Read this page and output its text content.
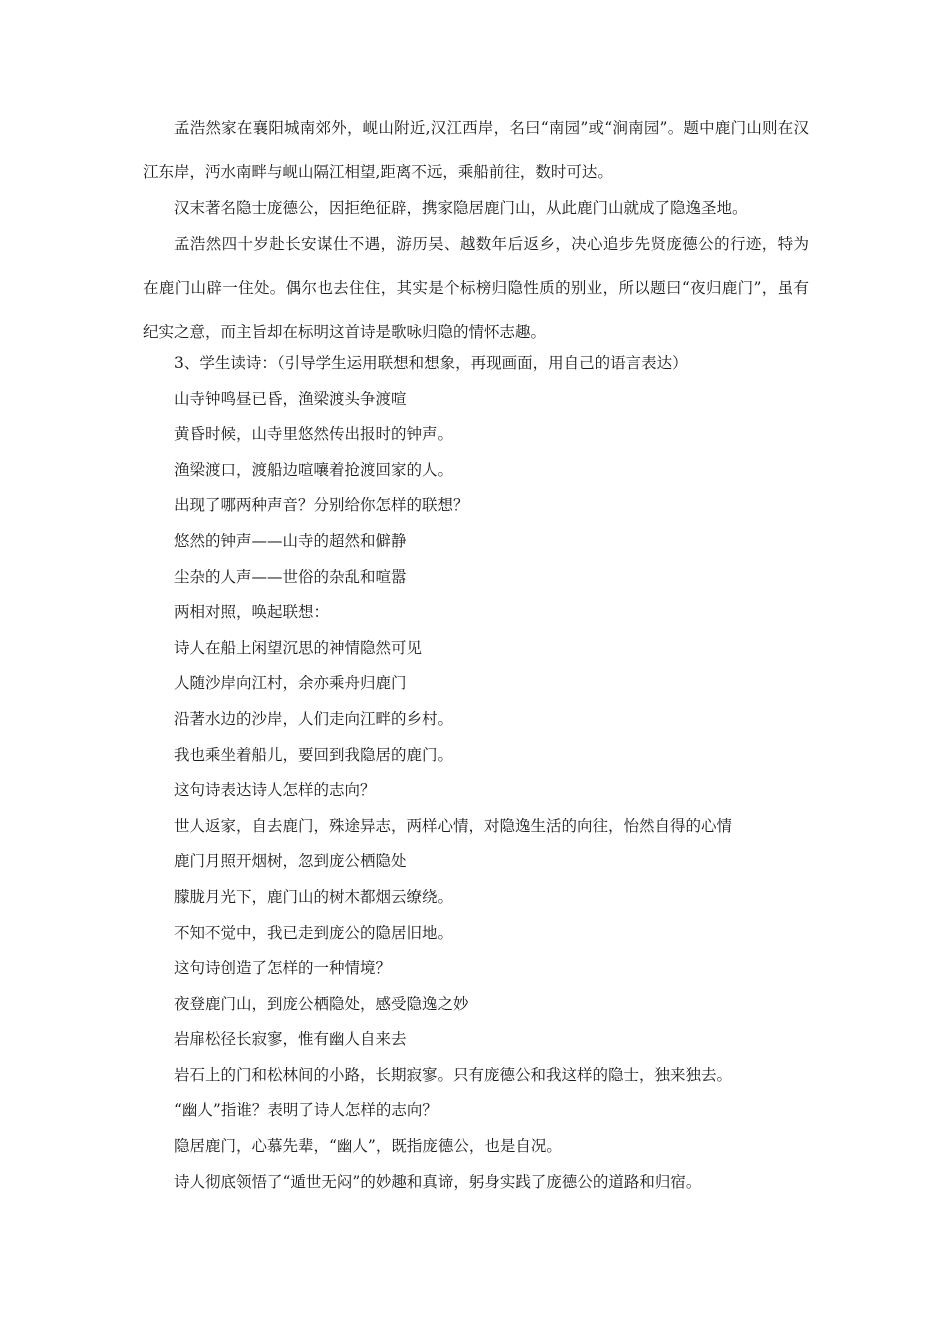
孟浩然家在襄阳城南郊外，岘山附近,汉江西岸，名曰“南园”或“涧南园”。题中鹿门山则在汉江东岸，沔水南畔与岘山隔江相望,距离不远，乘船前往，数时可达。

汉末著名隐士庞德公，因拒绝征辟，携家隐居鹿门山，从此鹿门山就成了隐逸圣地。

孟浩然四十岁赴长安谋仕不遇，游历吴、越数年后返乡，决心追步先贤庞德公的行迹，特为在鹿门山辟一住处。偶尔也去住住，其实是个标榜归隐性质的别业，所以题曰“夜归鹿门”，虽有纪实之意，而主旨却在标明这首诗是歌咏归隐的情怀志趣。

3、学生读诗：（引导学生运用联想和想象，再现画面，用自己的语言表达）

山寺钟鸣昼已昏，渔梁渡头争渡喧

黄昏时候，山寺里悠然传出报时的钟声。

渔梁渡口，渡船边喧嚷着抢渡回家的人。

出现了哪两种声音？分别给你怎样的联想？

悠然的钟声——山寺的超然和僻静

尘杂的人声——世俗的杂乱和喧嚣

两相对照，唤起联想：

诗人在船上闲望沉思的神情隐然可见

人随沙岸向江村，余亦乘舟归鹿门

沿著水边的沙岸，人们走向江畔的乡村。

我也乘坐着船儿，要回到我隐居的鹿门。

这句诗表达诗人怎样的志向？

世人返家，自去鹿门，殊途异志，两样心情，对隐逸生活的向往，怡然自得的心情

鹿门月照开烟树，忽到庞公栖隐处

朦胧月光下，鹿门山的树木都烟云缭绕。

不知不觉中，我已走到庞公的隐居旧地。

这句诗创造了怎样的一种情境？

夜登鹿门山，到庞公栖隐处，感受隐逸之妙

岩扉松径长寂寥，惟有幽人自来去

岩石上的门和松林间的小路，长期寂寥。只有庞德公和我这样的隐士，独来独去。

“幽人”指谁？表明了诗人怎样的志向？

隐居鹿门，心慕先辈，“幽人”，既指庞德公，也是自况。

诗人彻底领悟了“遁世无闷”的妙趣和真谛，躬身实践了庞德公的道路和归宿。
